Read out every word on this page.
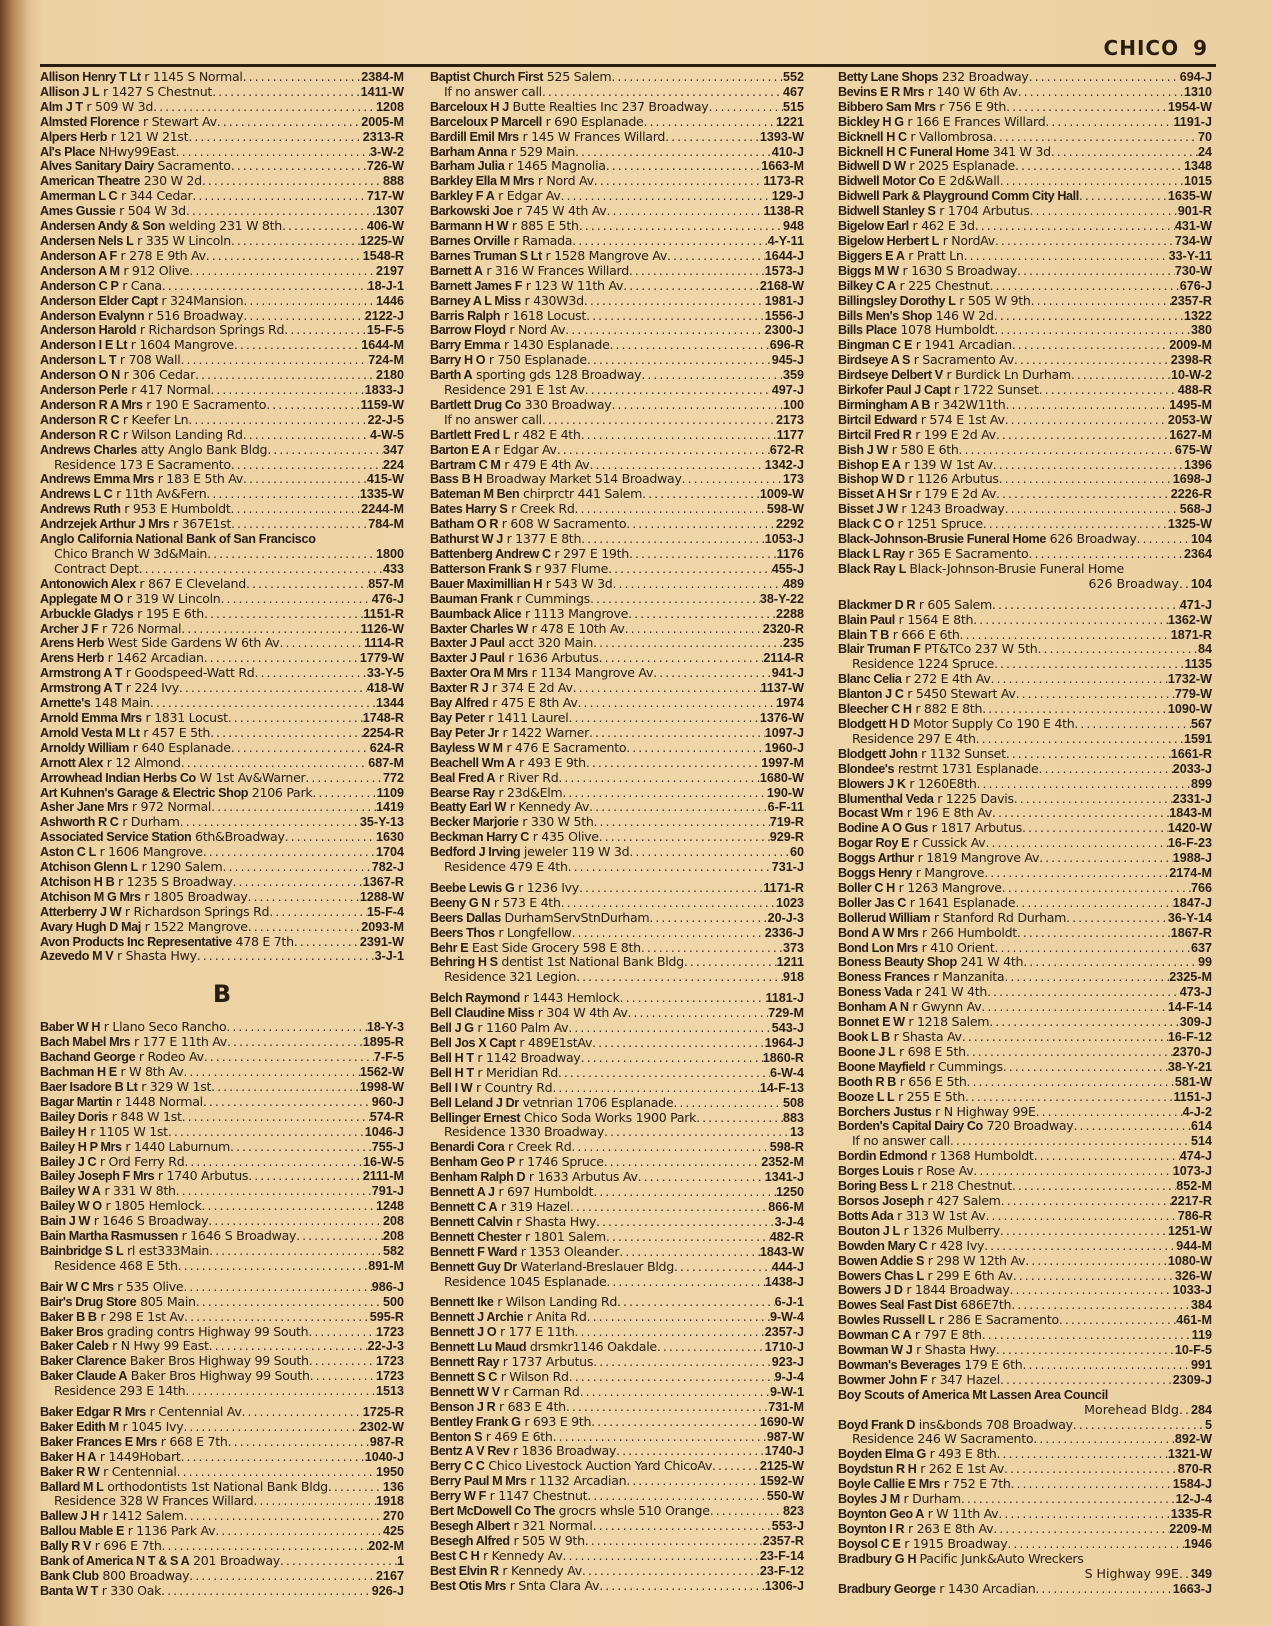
CHICO 9
Allison Henry T Lt r 1145 S Normal .....	2384-M
Allison J L r 1427 S Chestnut .....	1411-W
Alm J T r 509 W 3d .....	1208
Almsted Florence r Stewart Av .....	2005-M
Alpers Herb r 121 W 21st .....	2313-R
Al's Place NHwy99East .....	3-W-2
Alves Sanitary Dairy Sacramento .....	726-W
American Theatre 230 W 2d .....	888
Amerman L C r 344 Cedar .....	717-W
Ames Gussie r 504 W 3d .....	1307
Andersen Andy & Son welding 231 W 8th .....	406-W
Andersen Nels L r 335 W Lincoln .....	1225-W
Anderson A F r 278 E 9th Av .....	1548-R
Anderson A M r 912 Olive .....	2197
Anderson C P r Cana .....	18-J-1
Anderson Elder Capt r 324Mansion .....	1446
Anderson Evalynn r 516 Broadway .....	2122-J
Anderson Harold r Richardson Springs Rd .....	15-F-5
Anderson I E Lt r 1604 Mangrove .....	1644-M
Anderson L T r 708 Wall .....	724-M
Anderson O N r 306 Cedar .....	2180
Anderson Perle r 417 Normal .....	1833-J
Anderson R A Mrs r 190 E Sacramento .....	1159-W
Anderson R C r Keefer Ln .....	22-J-5
Anderson R C r Wilson Landing Rd .....	4-W-5
Andrews Charles atty Anglo Bank Bldg .....	347
Residence 173 E Sacramento .....	224
Andrews Emma Mrs r 183 E 5th Av .....	415-W
Andrews L C r 11th Av&Fern .....	1335-W
Andrews Ruth r 953 E Humboldt .....	2244-M
Andrzejek Arthur J Mrs r 367E1st .....	784-M
Anglo California National Bank of San Francisco
Chico Branch W 3d&Main .....	1800
Contract Dept .....	433
Antonowich Alex r 867 E Cleveland .....	857-M
Applegate M O r 319 W Lincoln .....	476-J
Arbuckle Gladys r 195 E 6th .....	1151-R
Archer J F r 726 Normal .....	1126-W
Arens Herb West Side Gardens W 6th Av .....	1114-R
Arens Herb r 1462 Arcadian .....	1779-W
Armstrong A T r Goodspeed-Watt Rd .....	33-Y-5
Armstrong A T r 224 Ivy .....	418-W
Arnette's 148 Main .....	1344
Arnold Emma Mrs r 1831 Locust .....	1748-R
Arnold Vesta M Lt r 457 E 5th .....	2254-R
Arnoldy William r 640 Esplanade .....	624-R
Arnott Alex r 12 Almond .....	687-M
Arrowhead Indian Herbs Co W 1st Av&Warner .....	772
Art Kuhnen's Garage & Electric Shop 2106 Park .....	1109
Asher Jane Mrs r 972 Normal .....	1419
Ashworth R C r Durham .....	35-Y-13
Associated Service Station 6th&Broadway .....	1630
Aston C L r 1606 Mangrove .....	1704
Atchison Glenn L r 1290 Salem .....	782-J
Atchison H B r 1235 S Broadway .....	1367-R
Atchison M G Mrs r 1805 Broadway .....	1288-W
Atterberry J W r Richardson Springs Rd .....	15-F-4
Avary Hugh D Maj r 1522 Mangrove .....	2093-M
Avon Products Inc Representative 478 E 7th .....	2391-W
Azevedo M V r Shasta Hwy .....	3-J-1
B
Baber W H r Llano Seco Rancho .....	18-Y-3
Bach Mabel Mrs r 177 E 11th Av .....	1895-R
Bachand George r Rodeo Av .....	7-F-5
Bachman H E r W 8th Av .....	1562-W
Baer Isadore B Lt r 329 W 1st .....	1998-W
Bagar Martin r 1448 Normal .....	960-J
Bailey Doris r 848 W 1st .....	574-R
Bailey H r 1105 W 1st .....	1046-J
Bailey H P Mrs r 1440 Laburnum .....	755-J
Bailey J C r Ord Ferry Rd .....	16-W-5
Bailey Joseph F Mrs r 1740 Arbutus .....	2111-M
Bailey W A r 331 W 8th .....	791-J
Bailey W O r 1805 Hemlock .....	1248
Bain J W r 1646 S Broadway .....	208
Bain Martha Rasmussen r 1646 S Broadway .....	208
Bainbridge S L rl est333Main .....	582
Residence 468 E 5th .....	891-M
Bair W C Mrs r 535 Olive .....	986-J
Bair's Drug Store 805 Main .....	500
Baker B B r 298 E 1st Av .....	595-R
Baker Bros grading contrs Highway 99 South .....	1723
Baker Caleb r N Hwy 99 East .....	22-J-3
Baker Clarence Baker Bros Highway 99 South .....	1723
Baker Claude A Baker Bros Highway 99 South .....	1723
Residence 293 E 14th .....	1513
Baker Edgar R Mrs r Centennial Av .....	1725-R
Baker Edith M r 1045 Ivy .....	2302-W
Baker Frances E Mrs r 668 E 7th .....	987-R
Baker H A r 1449Hobart .....	1040-J
Baker R W r Centennial .....	1950
Ballard M L orthodontists 1st National Bank Bldg .....	136
Residence 328 W Frances Willard .....	1918
Ballew J H r 1412 Salem .....	270
Ballou Mable E r 1136 Park Av .....	425
Bally R V r 696 E 7th .....	202-M
Bank of America N T & S A 201 Broadway .....	1
Bank Club 800 Broadway .....	2167
Banta W T r 330 Oak .....	926-J
Baptist Church First 525 Salem .....	552
If no answer call .....	467
Barceloux H J Butte Realties Inc 237 Broadway .....	515
Barceloux P Marcell r 690 Esplanade .....	1221
Bardill Emil Mrs r 145 W Frances Willard .....	1393-W
Barham Anna r 529 Main .....	410-J
Barham Julia r 1465 Magnolia .....	1663-M
Barkley Ella M Mrs r Nord Av .....	1173-R
Barkley F A r Edgar Av .....	129-J
Barkowski Joe r 745 W 4th Av .....	1138-R
Barmann H W r 885 E 5th .....	948
Barnes Orville r Ramada .....	4-Y-11
Barnes Truman S Lt r 1528 Mangrove Av .....	1644-J
Barnett A r 316 W Frances Willard .....	1573-J
Barnett James F r 123 W 11th Av .....	2168-W
Barney A L Miss r 430W3d .....	1981-J
Barris Ralph r 1618 Locust .....	1556-J
Barrow Floyd r Nord Av .....	2300-J
Barry Emma r 1430 Esplanade .....	696-R
Barry H O r 750 Esplanade .....	945-J
Barth A sporting gds 128 Broadway .....	359
Residence 291 E 1st Av .....	497-J
Bartlett Drug Co 330 Broadway .....	100
If no answer call .....	2173
Bartlett Fred L r 482 E 4th .....	1177
Barton E A r Edgar Av .....	672-R
Bartram C M r 479 E 4th Av .....	1342-J
Bass B H Broadway Market 514 Broadway .....	173
Bateman M Ben chirprctr 441 Salem .....	1009-W
Bates Harry S r Creek Rd .....	598-W
Batham O R r 608 W Sacramento .....	2292
Bathurst W J r 1377 E 8th .....	1053-J
Battenberg Andrew C r 297 E 19th .....	1176
Batterson Frank S r 937 Flume .....	455-J
Bauer Maximillian H r 543 W 3d .....	489
Bauman Frank r Cummings .....	38-Y-22
Baumback Alice r 1113 Mangrove .....	2288
Baxter Charles W r 478 E 10th Av .....	2320-R
Baxter J Paul acct 320 Main .....	235
Baxter J Paul r 1636 Arbutus .....	2114-R
Baxter Ora M Mrs r 1134 Mangrove Av .....	941-J
Baxter R J r 374 E 2d Av .....	1137-W
Bay Alfred r 475 E 8th Av .....	1974
Bay Peter r 1411 Laurel .....	1376-W
Bay Peter Jr r 1422 Warner .....	1097-J
Bayless W M r 476 E Sacramento .....	1960-J
Beachell Wm A r 493 E 9th .....	1997-M
Beal Fred A r River Rd .....	1680-W
Bearse Ray r 23d&Elm .....	190-W
Beatty Earl W r Kennedy Av .....	6-F-11
Becker Marjorie r 330 W 5th .....	719-R
Beckman Harry C r 435 Olive .....	929-R
Bedford J Irving jeweler 119 W 3d .....	60
Residence 479 E 4th .....	731-J
Beebe Lewis G r 1236 Ivy .....	1171-R
Beeny G N r 573 E 4th .....	1023
Beers Dallas DurhamServStnDurham .....	20-J-3
Beers Thos r Longfellow .....	2336-J
Behr E East Side Grocery 598 E 8th .....	373
Behring H S dentist 1st National Bank Bldg .....	1211
Residence 321 Legion .....	918
Belch Raymond r 1443 Hemlock .....	1181-J
Bell Claudine Miss r 304 W 4th Av .....	729-M
Bell J G r 1160 Palm Av .....	543-J
Bell Jos X Capt r 489E1stAv .....	1964-J
Bell H T r 1142 Broadway .....	1860-R
Bell H T r Meridian Rd .....	6-W-4
Bell I W r Country Rd .....	14-F-13
Bell Leland J Dr vetnrian 1706 Esplanade .....	508
Bellinger Ernest Chico Soda Works 1900 Park .....	883
Residence 1330 Broadway .....	13
Benardi Cora r Creek Rd .....	598-R
Benham Geo P r 1746 Spruce .....	2352-M
Benham Ralph D r 1633 Arbutus Av .....	1341-J
Bennett A J r 697 Humboldt .....	1250
Bennett C A r 319 Hazel .....	866-M
Bennett Calvin r Shasta Hwy .....	3-J-4
Bennett Chester r 1801 Salem .....	482-R
Bennett F Ward r 1353 Oleander .....	1843-W
Bennett Guy Dr Waterland-Breslauer Bldg .....	444-J
Residence 1045 Esplanade .....	1438-J
Bennett Ike r Wilson Landing Rd .....	6-J-1
Bennett J Archie r Anita Rd .....	9-W-4
Bennett J O r 177 E 11th .....	2357-J
Bennett Lu Maud drsmkr1146 Oakdale .....	1710-J
Bennett Ray r 1737 Arbutus .....	923-J
Bennett S C r Wilson Rd .....	9-J-4
Bennett W V r Carman Rd .....	9-W-1
Benson J R r 683 E 4th .....	731-M
Bentley Frank G r 693 E 9th .....	1690-W
Benton S r 469 E 6th .....	987-W
Bentz A V Rev r 1836 Broadway .....	1740-J
Berry C C Chico Livestock Auction Yard ChicoAv .....	2125-W
Berry Paul M Mrs r 1132 Arcadian .....	1592-W
Berry W F r 1147 Chestnut .....	550-W
Bert McDowell Co The grocrs whsle 510 Orange .....	823
Besegh Albert r 321 Normal .....	553-J
Besegh Alfred r 505 W 9th .....	2357-R
Best C H r Kennedy Av .....	23-F-14
Best Elvin R r Kennedy Av .....	23-F-12
Best Otis Mrs r Snta Clara Av .....	1306-J
Betty Lane Shops 232 Broadway .....	694-J
Bevins E R Mrs r 140 W 6th Av .....	1310
Bibbero Sam Mrs r 756 E 9th .....	1954-W
Bickley H G r 166 E Frances Willard .....	1191-J
Bicknell H C r Vallombrosa .....	70
Bicknell H C Funeral Home 341 W 3d .....	24
Bidwell D W r 2025 Esplanade .....	1348
Bidwell Motor Co E 2d&Wall .....	1015
Bidwell Park & Playground Comm City Hall .....	1635-W
Bidwell Stanley S r 1704 Arbutus .....	901-R
Bigelow Earl r 462 E 3d .....	431-W
Bigelow Herbert L r NordAv .....	734-W
Biggers E A r Pratt Ln .....	33-Y-11
Biggs M W r 1630 S Broadway .....	730-W
Bilkey C A r 225 Chestnut .....	676-J
Billingsley Dorothy L r 505 W 9th .....	2357-R
Bills Men's Shop 146 W 2d .....	1322
Bills Place 1078 Humboldt .....	380
Bingman C E r 1941 Arcadian .....	2009-M
Birdseye A S r Sacramento Av .....	2398-R
Birdseye Delbert V r Burdick Ln Durham .....	10-W-2
Birkofer Paul J Capt r 1722 Sunset .....	488-R
Birmingham A B r 342W11th .....	1495-M
Birtcil Edward r 574 E 1st Av .....	2053-W
Birtcil Fred R r 199 E 2d Av .....	1627-M
Bish J W r 580 E 6th .....	675-W
Bishop E A r 139 W 1st Av .....	1396
Bishop W D r 1126 Arbutus .....	1698-J
Bisset A H Sr r 179 E 2d Av .....	2226-R
Bisset J W r 1243 Broadway .....	568-J
Black C O r 1251 Spruce .....	1325-W
Black-Johnson-Brusie Funeral Home 626 Broadway .....	104
Black L Ray r 365 E Sacramento .....	2364
Black Ray L Black-Johnson-Brusie Funeral Home
626 Broadway .. 104
Blackmer D R r 605 Salem .....	471-J
Blain Paul r 1564 E 8th .....	1362-W
Blain T B r 666 E 6th .....	1871-R
Blair Truman F PT&TCo 237 W 5th .....	84
Residence 1224 Spruce .....	1135
Blanc Celia r 272 E 4th Av .....	1732-W
Blanton J C r 5450 Stewart Av .....	779-W
Bleecher C H r 882 E 8th .....	1090-W
Blodgett H D Motor Supply Co 190 E 4th .....	567
Residence 297 E 4th .....	1591
Blodgett John r 1132 Sunset .....	1661-R
Blondee's restrnt 1731 Esplanade .....	2033-J
Blowers J K r 1260E8th .....	899
Blumenthal Veda r 1225 Davis .....	2331-J
Bocast Wm r 196 E 8th Av .....	1843-M
Bodine A O Gus r 1817 Arbutus .....	1420-W
Bogar Roy E r Cussick Av .....	16-F-23
Boggs Arthur r 1819 Mangrove Av .....	1988-J
Boggs Henry r Mangrove .....	2174-M
Boller C H r 1263 Mangrove .....	766
Boller Jas C r 1641 Esplanade .....	1847-J
Bollerud William r Stanford Rd Durham .....	36-Y-14
Bond A W Mrs r 266 Humboldt .....	1867-R
Bond Lon Mrs r 410 Orient .....	637
Boness Beauty Shop 241 W 4th .....	99
Boness Frances r Manzanita .....	2325-M
Boness Vada r 241 W 4th .....	473-J
Bonham A N r Gwynn Av .....	14-F-14
Bonnet E W r 1218 Salem .....	309-J
Book L B r Shasta Av .....	16-F-12
Boone J L r 698 E 5th .....	2370-J
Boone Mayfield r Cummings .....	38-Y-21
Booth R B r 656 E 5th .....	581-W
Booze L L r 255 E 5th .....	1151-J
Borchers Justus r N Highway 99E .....	4-J-2
Borden's Capital Dairy Co 720 Broadway .....	614
If no answer call .....	514
Bordin Edmond r 1368 Humboldt .....	474-J
Borges Louis r Rose Av .....	1073-J
Boring Bess L r 218 Chestnut .....	852-M
Borsos Joseph r 427 Salem .....	2217-R
Botts Ada r 313 W 1st Av .....	786-R
Bouton J L r 1326 Mulberry .....	1251-W
Bowden Mary C r 428 Ivy .....	944-M
Bowen Addie S r 298 W 12th Av .....	1080-W
Bowers Chas L r 299 E 6th Av .....	326-W
Bowers J D r 1844 Broadway .....	1033-J
Bowes Seal Fast Dist 686E7th .....	384
Bowles Russell L r 286 E Sacramento .....	461-M
Bowman C A r 797 E 8th .....	119
Bowman W J r Shasta Hwy .....	10-F-5
Bowman's Beverages 179 E 6th .....	991
Bowmer John F r 347 Hazel .....	2309-J
Boy Scouts of America Mt Lassen Area Council
Morehead Bldg .. 284
Boyd Frank D ins&bonds 708 Broadway .....	5
Residence 246 W Sacramento .....	892-W
Boyden Elma G r 493 E 8th .....	1321-W
Boydstun R H r 262 E 1st Av .....	870-R
Boyle Callie E Mrs r 752 E 7th .....	1584-J
Boyles J M r Durham .....	12-J-4
Boynton Geo A r W 11th Av .....	1335-R
Boynton I R r 263 E 8th Av .....	2209-M
Boysol C E r 1915 Broadway .....	1946
Bradbury G H Pacific Junk&Auto Wreckers
S Highway 99E .. 349
Bradbury George r 1430 Arcadian .....	1663-J
